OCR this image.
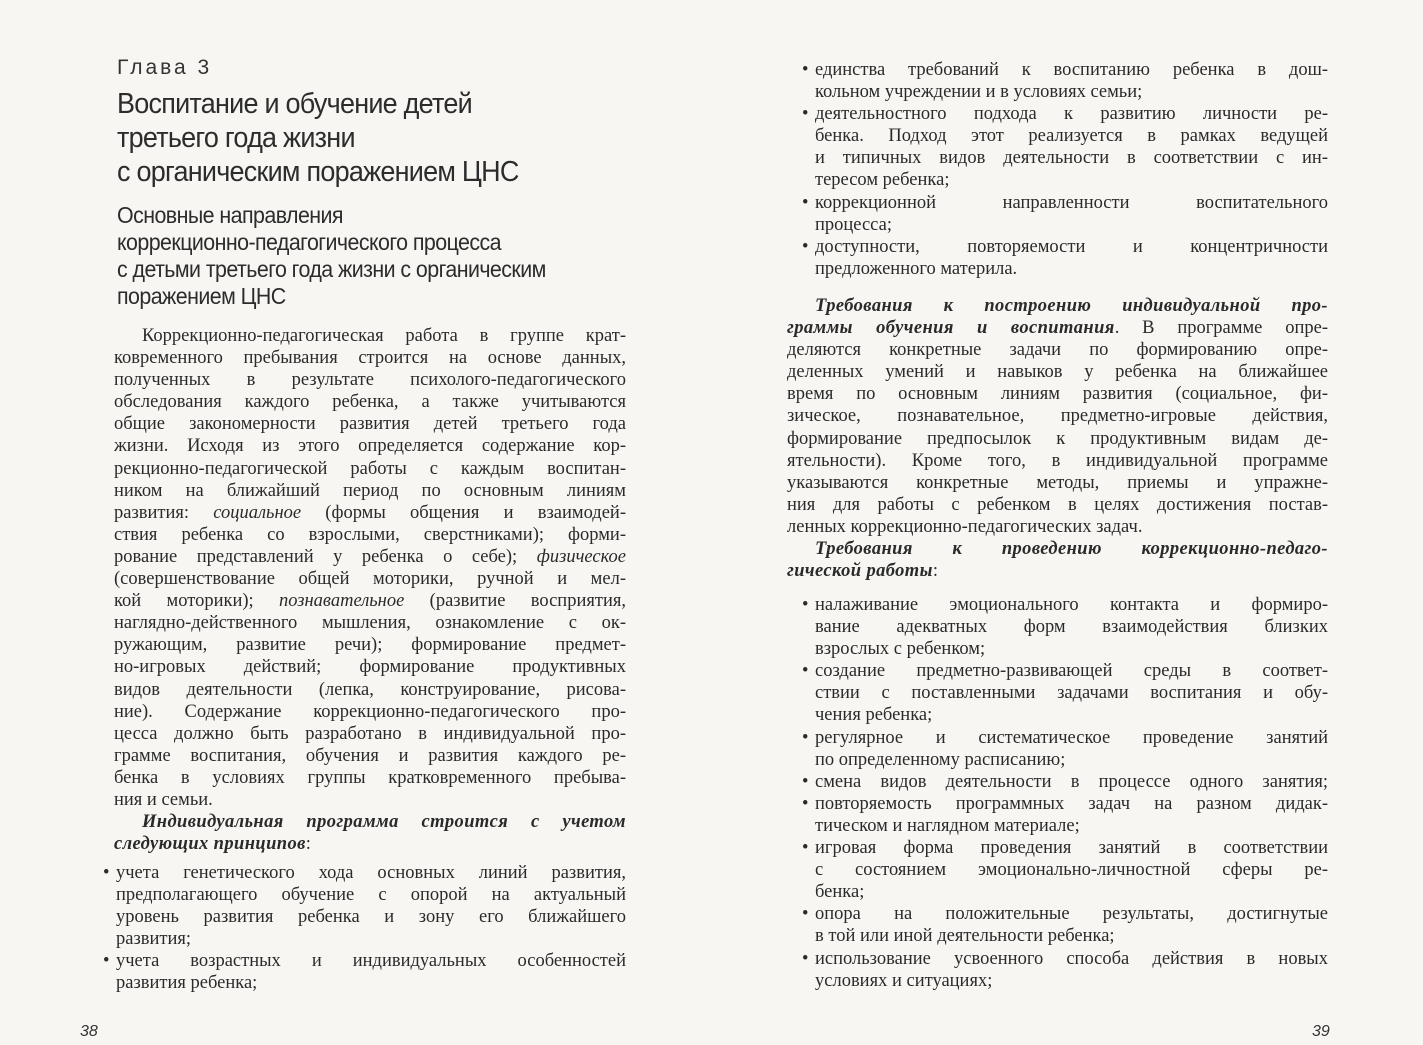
Глава 3

Воспитание и обучение детей
третьего года жизни
с органическим поражением ЦНС
Основные направления
коррекционно-педагогического процесса
с детьми третьего года жизни с органическим
поражением ЦНС
Коррекционно-педагогическая работа в группе крат-
ковременного пребывания строится на основе данных,
полученных в результате психолого-педагогического
обследования каждого ребенка, а также учитываются
общие закономерности развития детей третьего года
жизни. Исходя из этого определяется содержание кор-
рекционно-педагогической работы с каждым воспитан-
ником на ближайший период по основным линиям
развития: социальное (формы общения и взаимодей-
ствия ребенка со взрослыми, сверстниками); форми-
рование представлений у ребенка о себе); физическое
(совершенствование общей моторики, ручной и мел-
кой моторики); познавательное (развитие восприятия,
наглядно-действенного мышления, ознакомление с ок-
ружающим, развитие речи); формирование предмет-
но-игровых действий; формирование продуктивных
видов деятельности (лепка, конструирование, рисова-
ние). Содержание коррекционно-педагогического про-
цесса должно быть разработано в индивидуальной про-
грамме воспитания, обучения и развития каждого ре-
бенка в условиях группы кратковременного пребыва-
ния и семьи.
Индивидуальная программа строится с учетом
следующих принципов:
• учета генетического хода основных линий развития,
предполагающего обучение с опорой на актуальный
уровень развития ребенка и зону его ближайшего
развития;
• учета возрастных и индивидуальных особенностей
развития ребенка;

38

• единства требований к воспитанию ребенка в дош-
кольном учреждении и в условиях семьи;
• деятельностного подхода к развитию личности ре-
бенка. Подход этот реализуется в рамках ведущей
и типичных видов деятельности в соответствии с ин-
тересом ребенка;
• коррекционной направленности воспитательного
процесса;
• доступности, повторяемости и концентричности
предложенного материла.
Требования к построению индивидуальной про-
граммы обучения и воспитания. В программе опре-
деляются конкретные задачи по формированию опре-
деленных умений и навыков у ребенка на ближайшее
время по основным линиям развития (социальное, фи-
зическое, познавательное, предметно-игровые действия,
формирование предпосылок к продуктивным видам де-
ятельности). Кроме того, в индивидуальной программе
указываются конкретные методы, приемы и упражне-
ния для работы с ребенком в целях достижения постав-
ленных коррекционно-педагогических задач.
Требования к проведению коррекционно-педаго-
гической работы:
• налаживание эмоционального контакта и формиро-
вание адекватных форм взаимодействия близких
взрослых с ребенком;
• создание предметно-развивающей среды в соответ-
ствии с поставленными задачами воспитания и обу-
чения ребенка;
• регулярное и систематическое проведение занятий
по определенному расписанию;
• смена видов деятельности в процессе одного занятия;
• повторяемость программных задач на разном дидак-
тическом и наглядном материале;
• игровая форма проведения занятий в соответствии
с состоянием эмоционально-личностной сферы ре-
бенка;
• опора на положительные результаты, достигнутые
в той или иной деятельности ребенка;
• использование усвоенного способа действия в новых
условиях и ситуациях;

39
